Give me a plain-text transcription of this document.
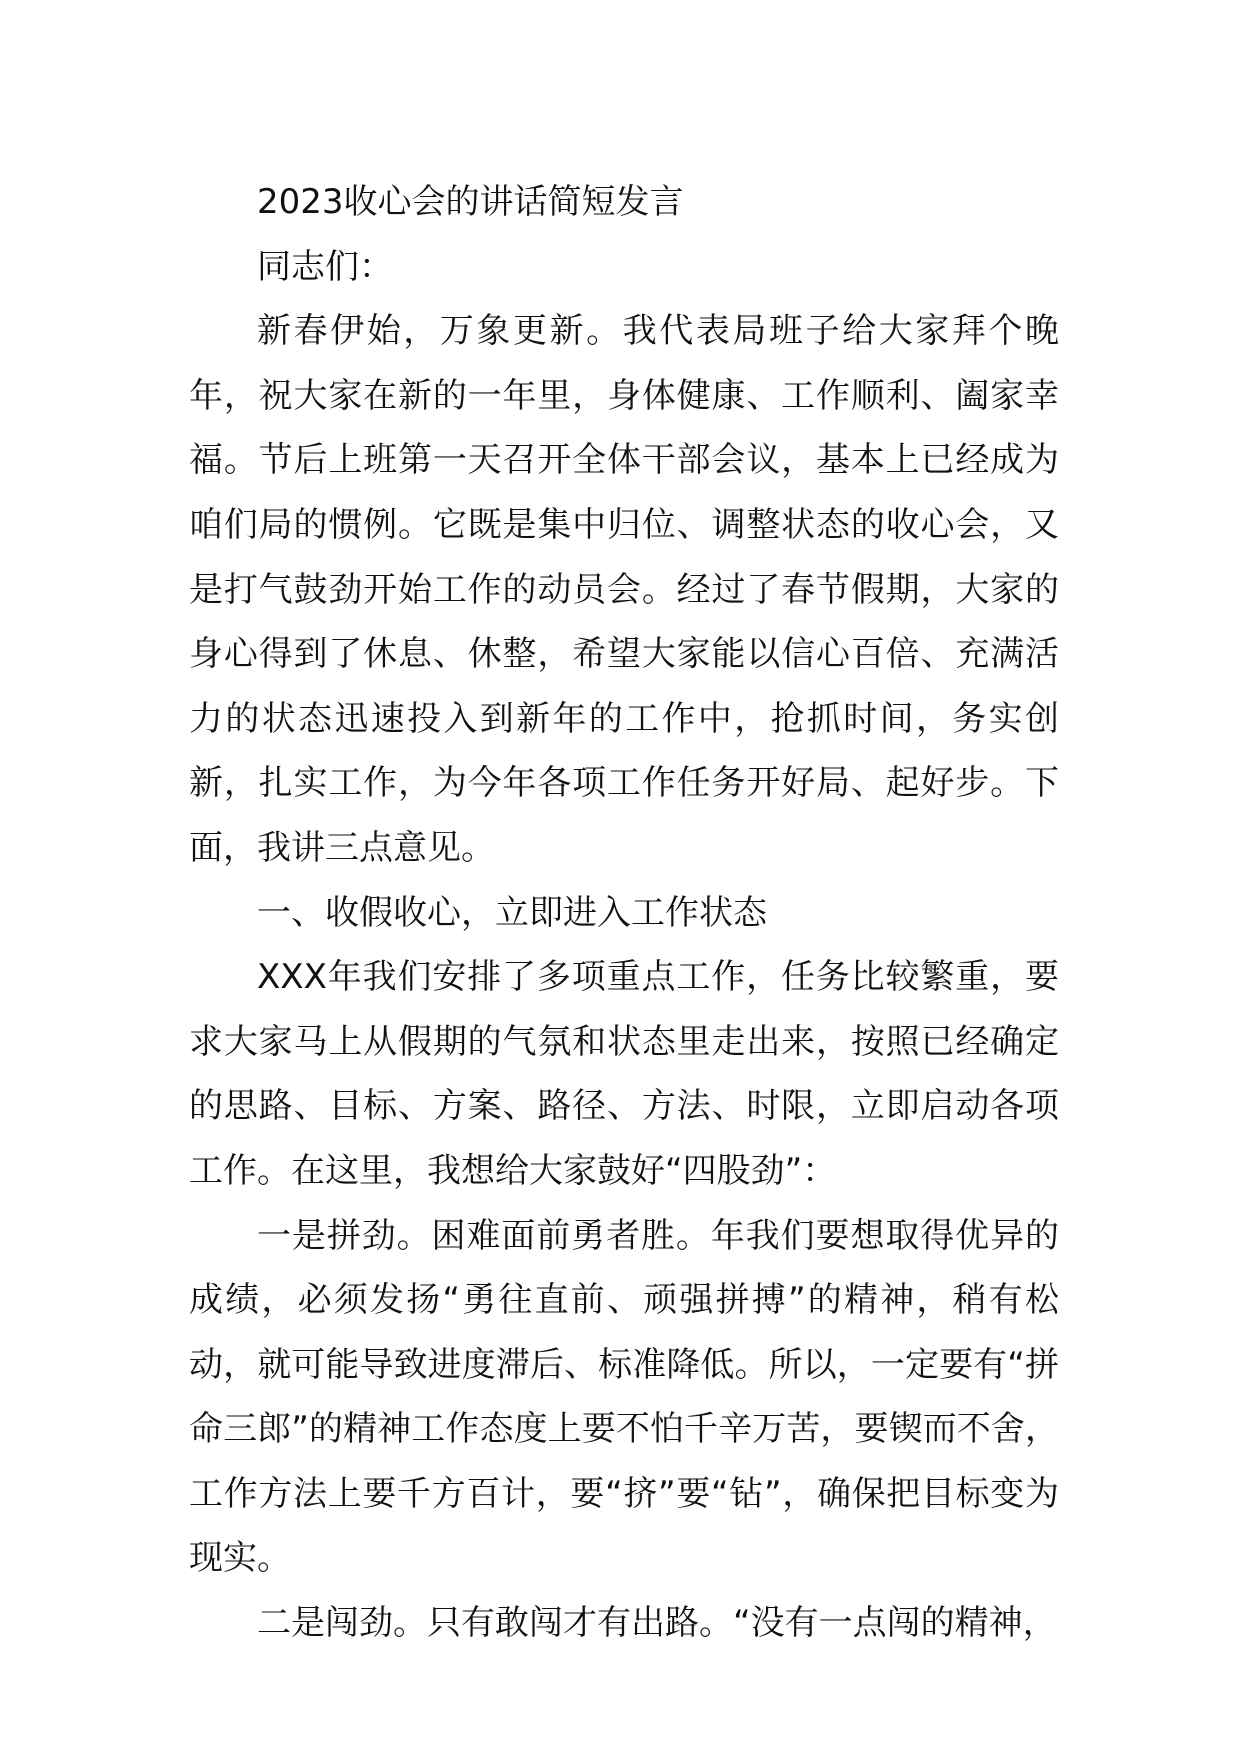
2023收心会的讲话简短发言

同志们：

新春伊始，万象更新。我代表局班子给大家拜个晚年，祝大家在新的一年里，身体健康、工作顺利、阖家幸福。节后上班第一天召开全体干部会议，基本上已经成为咱们局的惯例。它既是集中归位、调整状态的收心会，又是打气鼓劲开始工作的动员会。经过了春节假期，大家的身心得到了休息、休整，希望大家能以信心百倍、充满活力的状态迅速投入到新年的工作中，抢抓时间，务实创新，扎实工作，为今年各项工作任务开好局、起好步。下面，我讲三点意见。

一、收假收心，立即进入工作状态

XXX年我们安排了多项重点工作，任务比较繁重，要求大家马上从假期的气氛和状态里走出来，按照已经确定的思路、目标、方案、路径、方法、时限，立即启动各项工作。在这里，我想给大家鼓好“四股劲”：

一是拼劲。困难面前勇者胜。年我们要想取得优异的成绩，必须发扬“勇往直前、顽强拼搏”的精神，稍有松动，就可能导致进度滞后、标准降低。所以，一定要有“拼命三郎”的精神工作态度上要不怕千辛万苦，要锲而不舍，工作方法上要千方百计，要“挤”要“钻”，确保把目标变为现实。

二是闯劲。只有敢闯才有出路。“没有一点闯的精神，
